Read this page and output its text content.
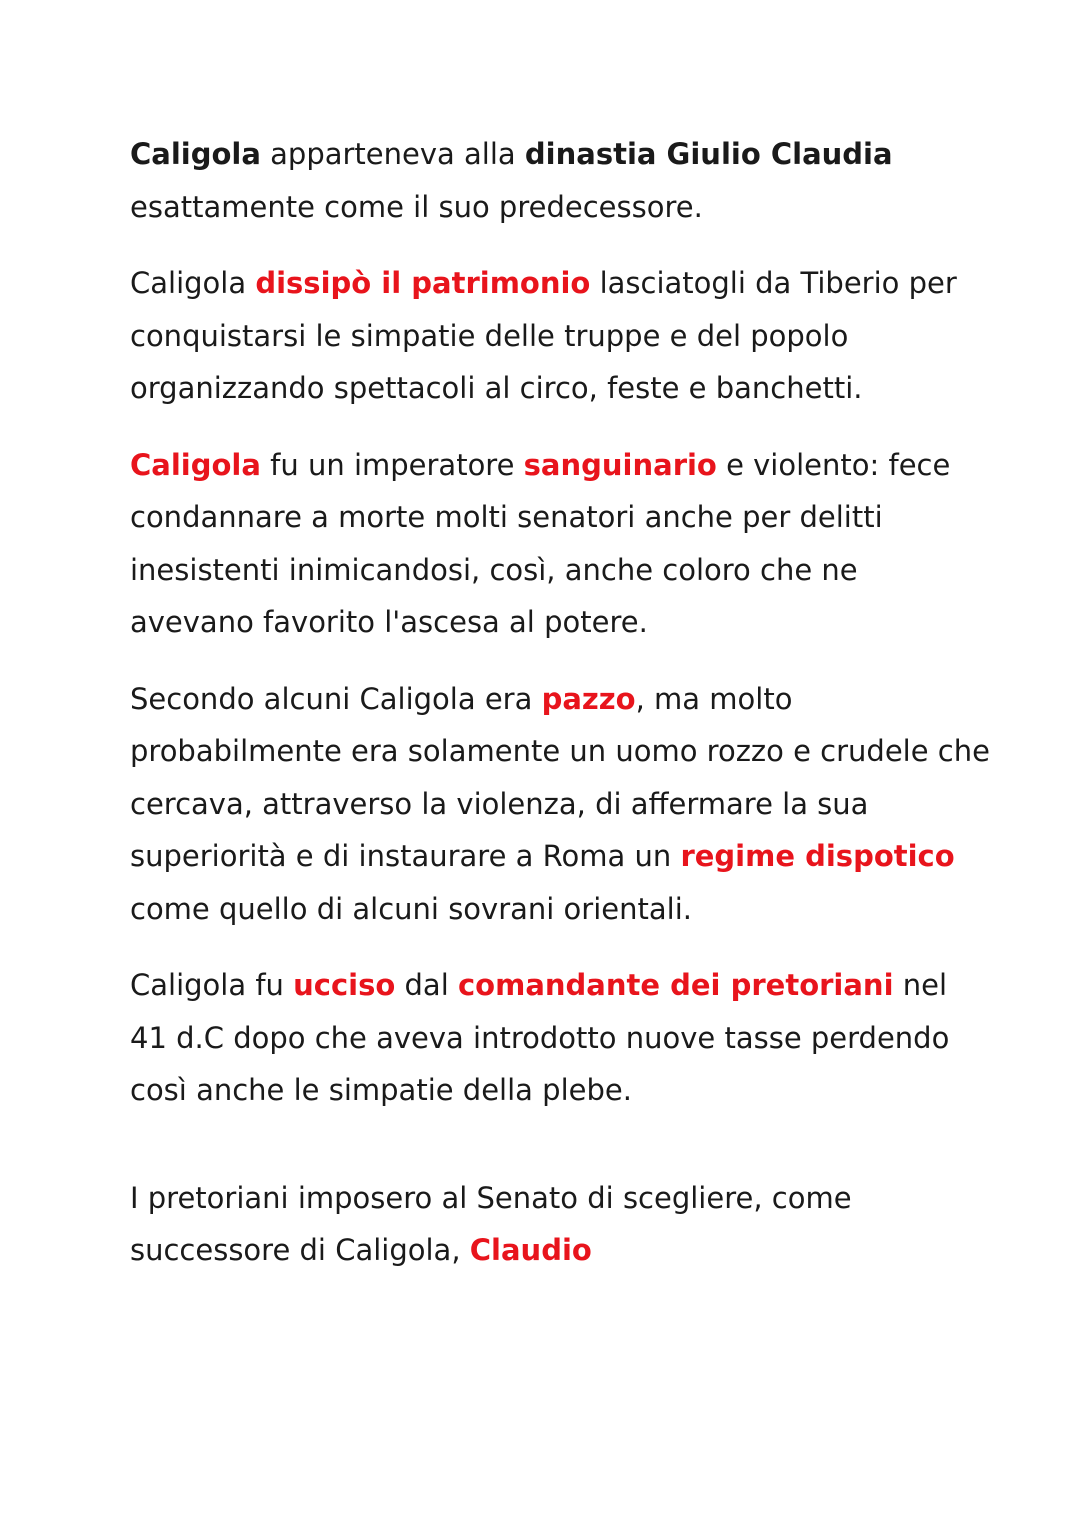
Caligola apparteneva alla dinastia Giulio Claudia esattamente come il suo predecessore.

Caligola dissipò il patrimonio lasciatogli da Tiberio per conquistarsi le simpatie delle truppe e del popolo organizzando spettacoli al circo, feste e banchetti.

Caligola fu un imperatore sanguinario e violento: fece condannare a morte molti senatori anche per delitti inesistenti inimicandosi, così, anche coloro che ne avevano favorito l'ascesa al potere.

Secondo alcuni Caligola era pazzo, ma molto probabilmente era solamente un uomo rozzo e crudele che cercava, attraverso la violenza, di affermare la sua superiorità e di instaurare a Roma un regime dispotico come quello di alcuni sovrani orientali.

Caligola fu ucciso dal comandante dei pretoriani nel 41 d.C dopo che aveva introdotto nuove tasse perdendo così anche le simpatie della plebe.

I pretoriani imposero al Senato di scegliere, come successore di Caligola, Claudio
